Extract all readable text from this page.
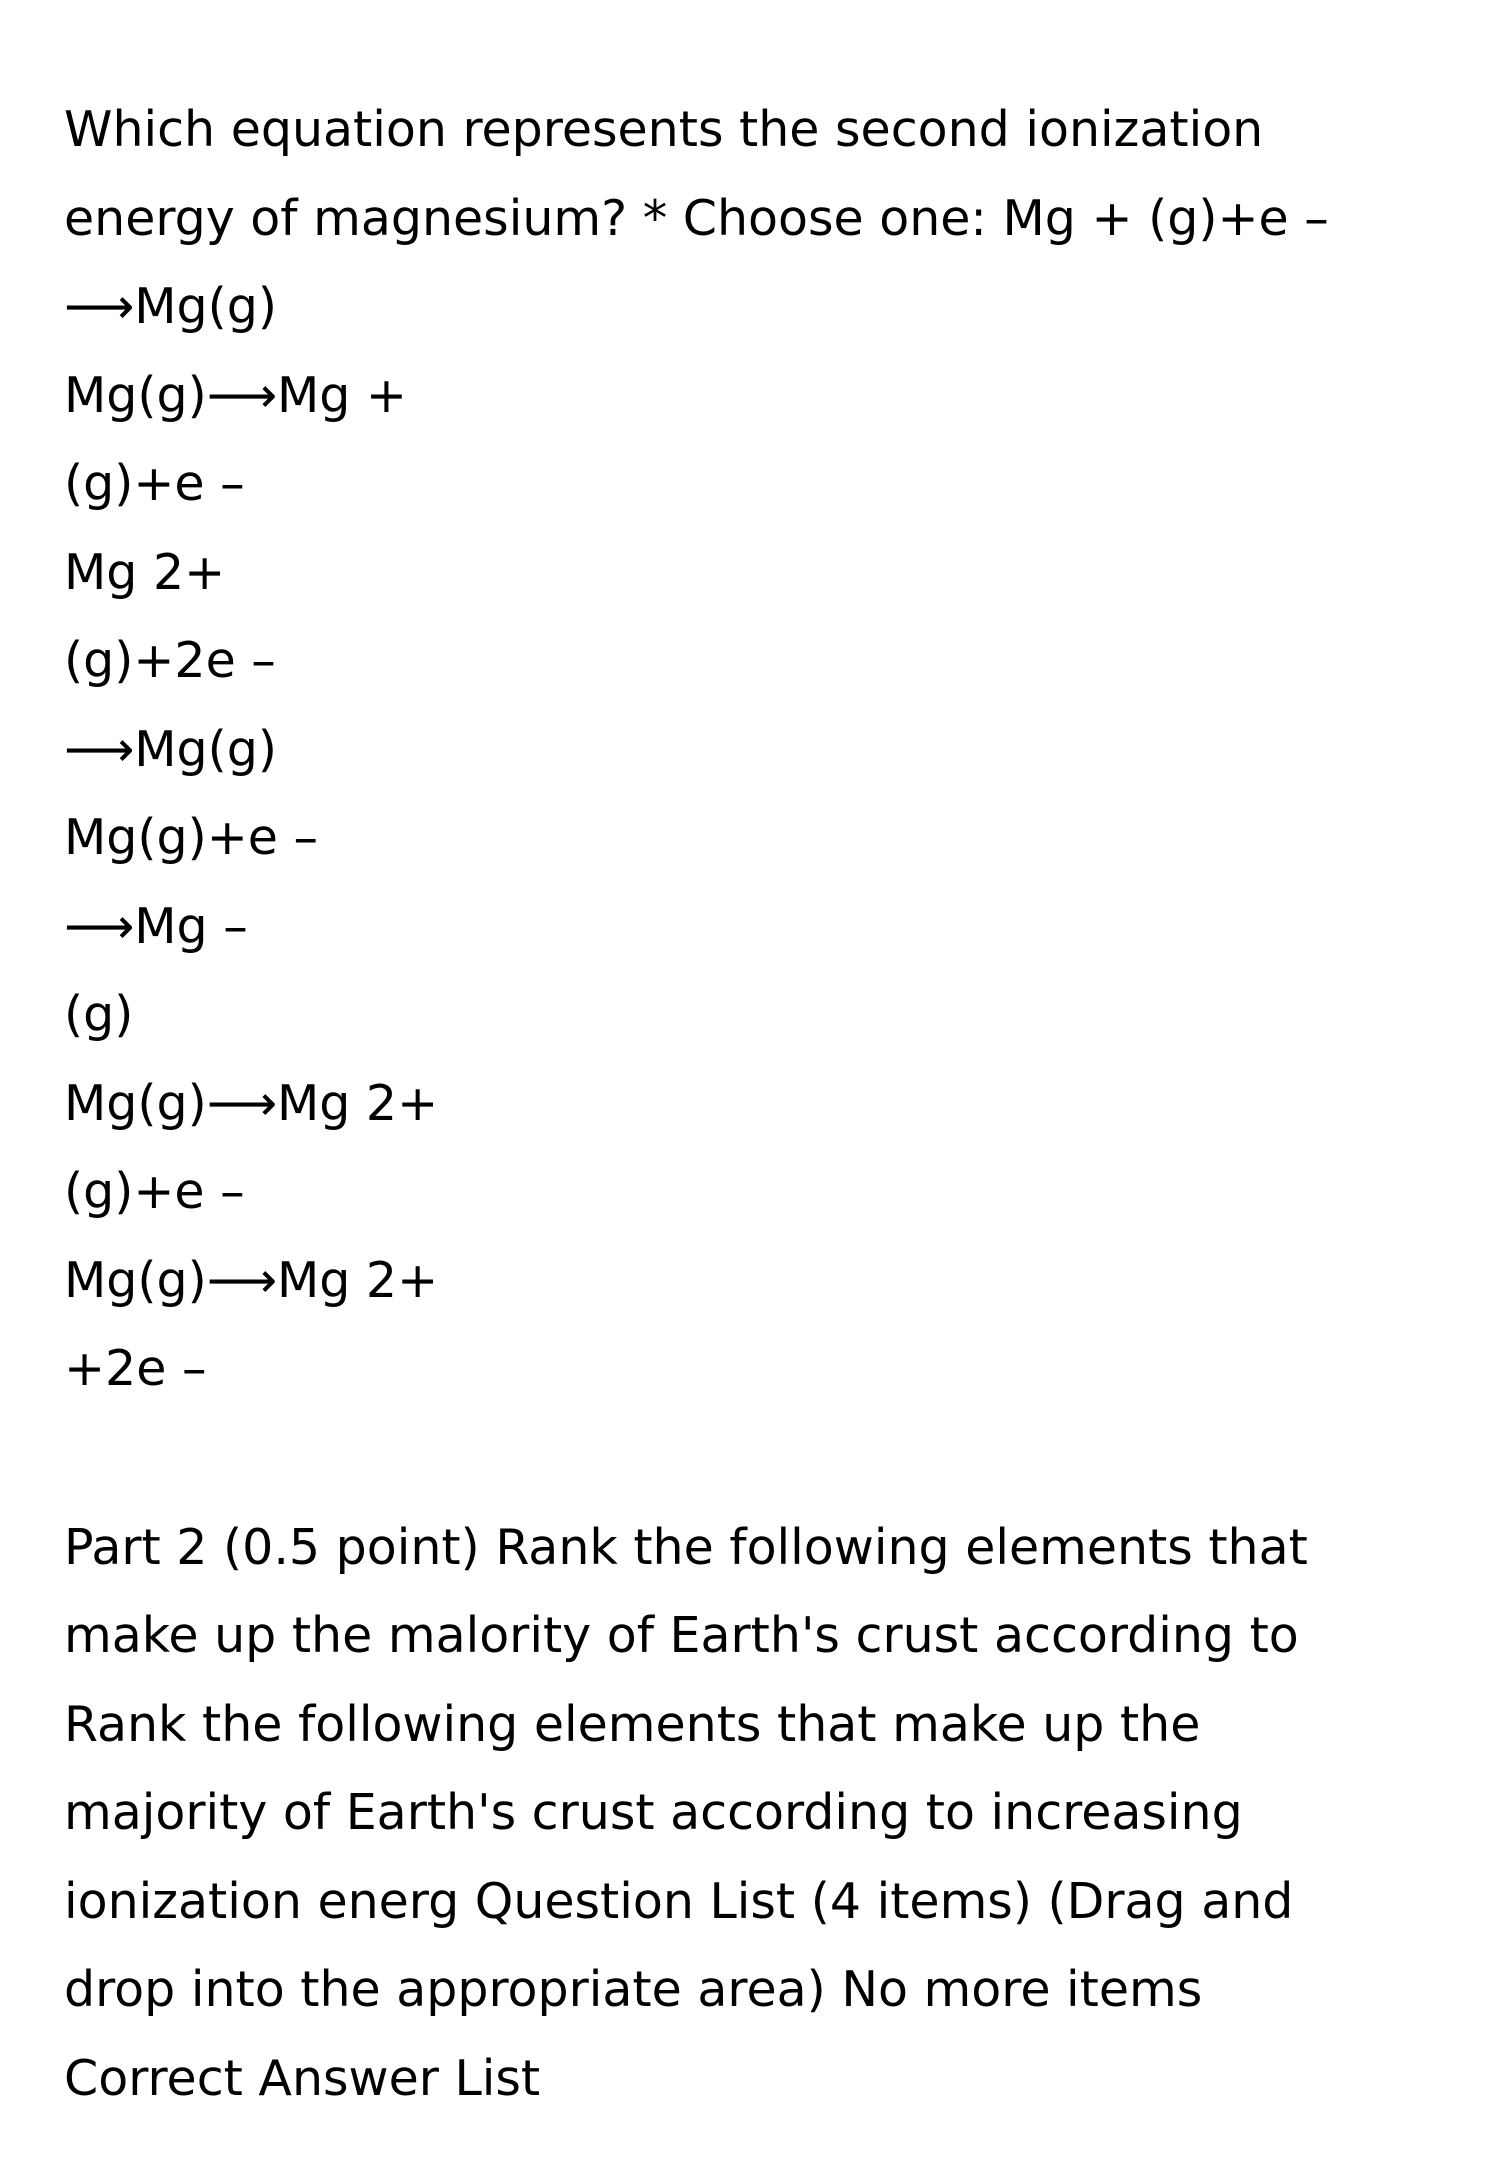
Which equation represents the second ionization
energy of magnesium? * Choose one: Mg + (g)+e –
⟶Mg(g)
Mg(g)⟶Mg +
(g)+e –
Mg 2+
(g)+2e –
⟶Mg(g)
Mg(g)+e –
⟶Mg –
(g)
Mg(g)⟶Mg 2+
(g)+e –
Mg(g)⟶Mg 2+
+2e –
Part 2 (0.5 point) Rank the following elements that
make up the malority of Earth's crust according to
Rank the following elements that make up the
majority of Earth's crust according to increasing
ionization energ Question List (4 items) (Drag and
drop into the appropriate area) No more items
Correct Answer List
